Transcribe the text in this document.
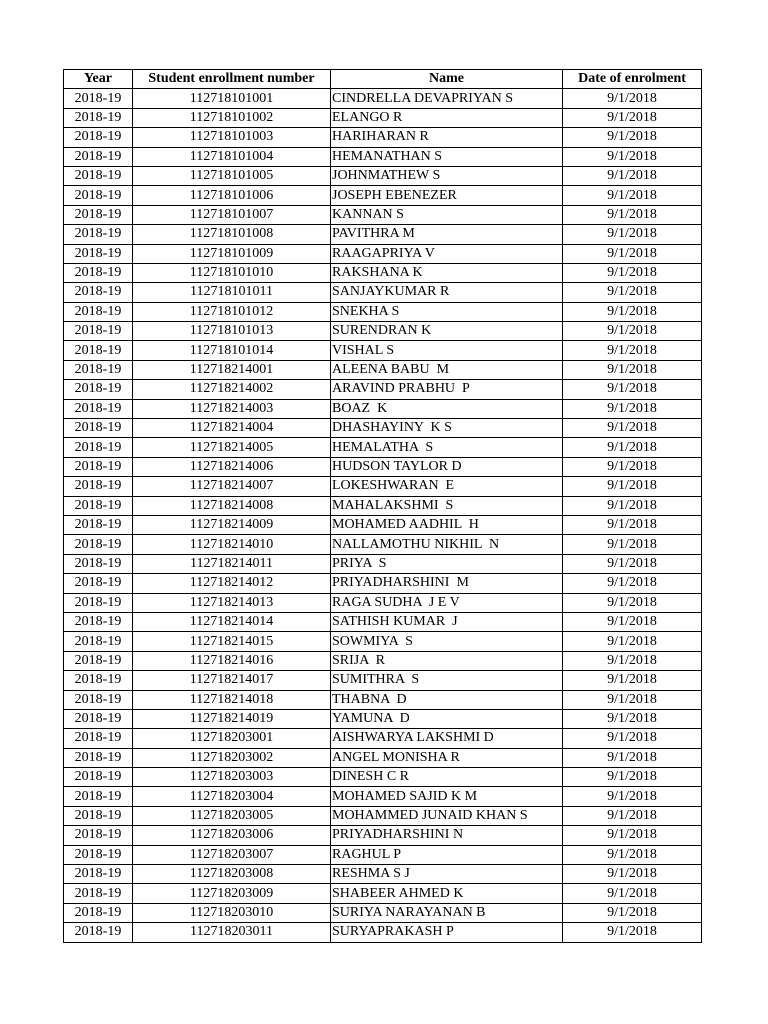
Year	Student enrollment number	Name	Date of enrolment
2018-19	112718101001	CINDRELLA DEVAPRIYAN S	9/1/2018
2018-19	112718101002	ELANGO R	9/1/2018
2018-19	112718101003	HARIHARAN R	9/1/2018
2018-19	112718101004	HEMANATHAN S	9/1/2018
2018-19	112718101005	JOHNMATHEW S	9/1/2018
2018-19	112718101006	JOSEPH EBENEZER	9/1/2018
2018-19	112718101007	KANNAN S	9/1/2018
2018-19	112718101008	PAVITHRA M	9/1/2018
2018-19	112718101009	RAAGAPRIYA V	9/1/2018
2018-19	112718101010	RAKSHANA K	9/1/2018
2018-19	112718101011	SANJAYKUMAR R	9/1/2018
2018-19	112718101012	SNEKHA S	9/1/2018
2018-19	112718101013	SURENDRAN K	9/1/2018
2018-19	112718101014	VISHAL S	9/1/2018
2018-19	112718214001	ALEENA BABU  M	9/1/2018
2018-19	112718214002	ARAVIND PRABHU  P	9/1/2018
2018-19	112718214003	BOAZ  K	9/1/2018
2018-19	112718214004	DHASHAYINY  K S	9/1/2018
2018-19	112718214005	HEMALATHA  S	9/1/2018
2018-19	112718214006	HUDSON TAYLOR D	9/1/2018
2018-19	112718214007	LOKESHWARAN  E	9/1/2018
2018-19	112718214008	MAHALAKSHMI  S	9/1/2018
2018-19	112718214009	MOHAMED AADHIL  H	9/1/2018
2018-19	112718214010	NALLAMOTHU NIKHIL  N	9/1/2018
2018-19	112718214011	PRIYA  S	9/1/2018
2018-19	112718214012	PRIYADHARSHINI  M	9/1/2018
2018-19	112718214013	RAGA SUDHA  J E V	9/1/2018
2018-19	112718214014	SATHISH KUMAR  J	9/1/2018
2018-19	112718214015	SOWMIYA  S	9/1/2018
2018-19	112718214016	SRIJA  R	9/1/2018
2018-19	112718214017	SUMITHRA  S	9/1/2018
2018-19	112718214018	THABNA  D	9/1/2018
2018-19	112718214019	YAMUNA  D	9/1/2018
2018-19	112718203001	AISHWARYA LAKSHMI D	9/1/2018
2018-19	112718203002	ANGEL MONISHA R	9/1/2018
2018-19	112718203003	DINESH C R	9/1/2018
2018-19	112718203004	MOHAMED SAJID K M	9/1/2018
2018-19	112718203005	MOHAMMED JUNAID KHAN S	9/1/2018
2018-19	112718203006	PRIYADHARSHINI N	9/1/2018
2018-19	112718203007	RAGHUL P	9/1/2018
2018-19	112718203008	RESHMA S J	9/1/2018
2018-19	112718203009	SHABEER AHMED K	9/1/2018
2018-19	112718203010	SURIYA NARAYANAN B	9/1/2018
2018-19	112718203011	SURYAPRAKASH P	9/1/2018
